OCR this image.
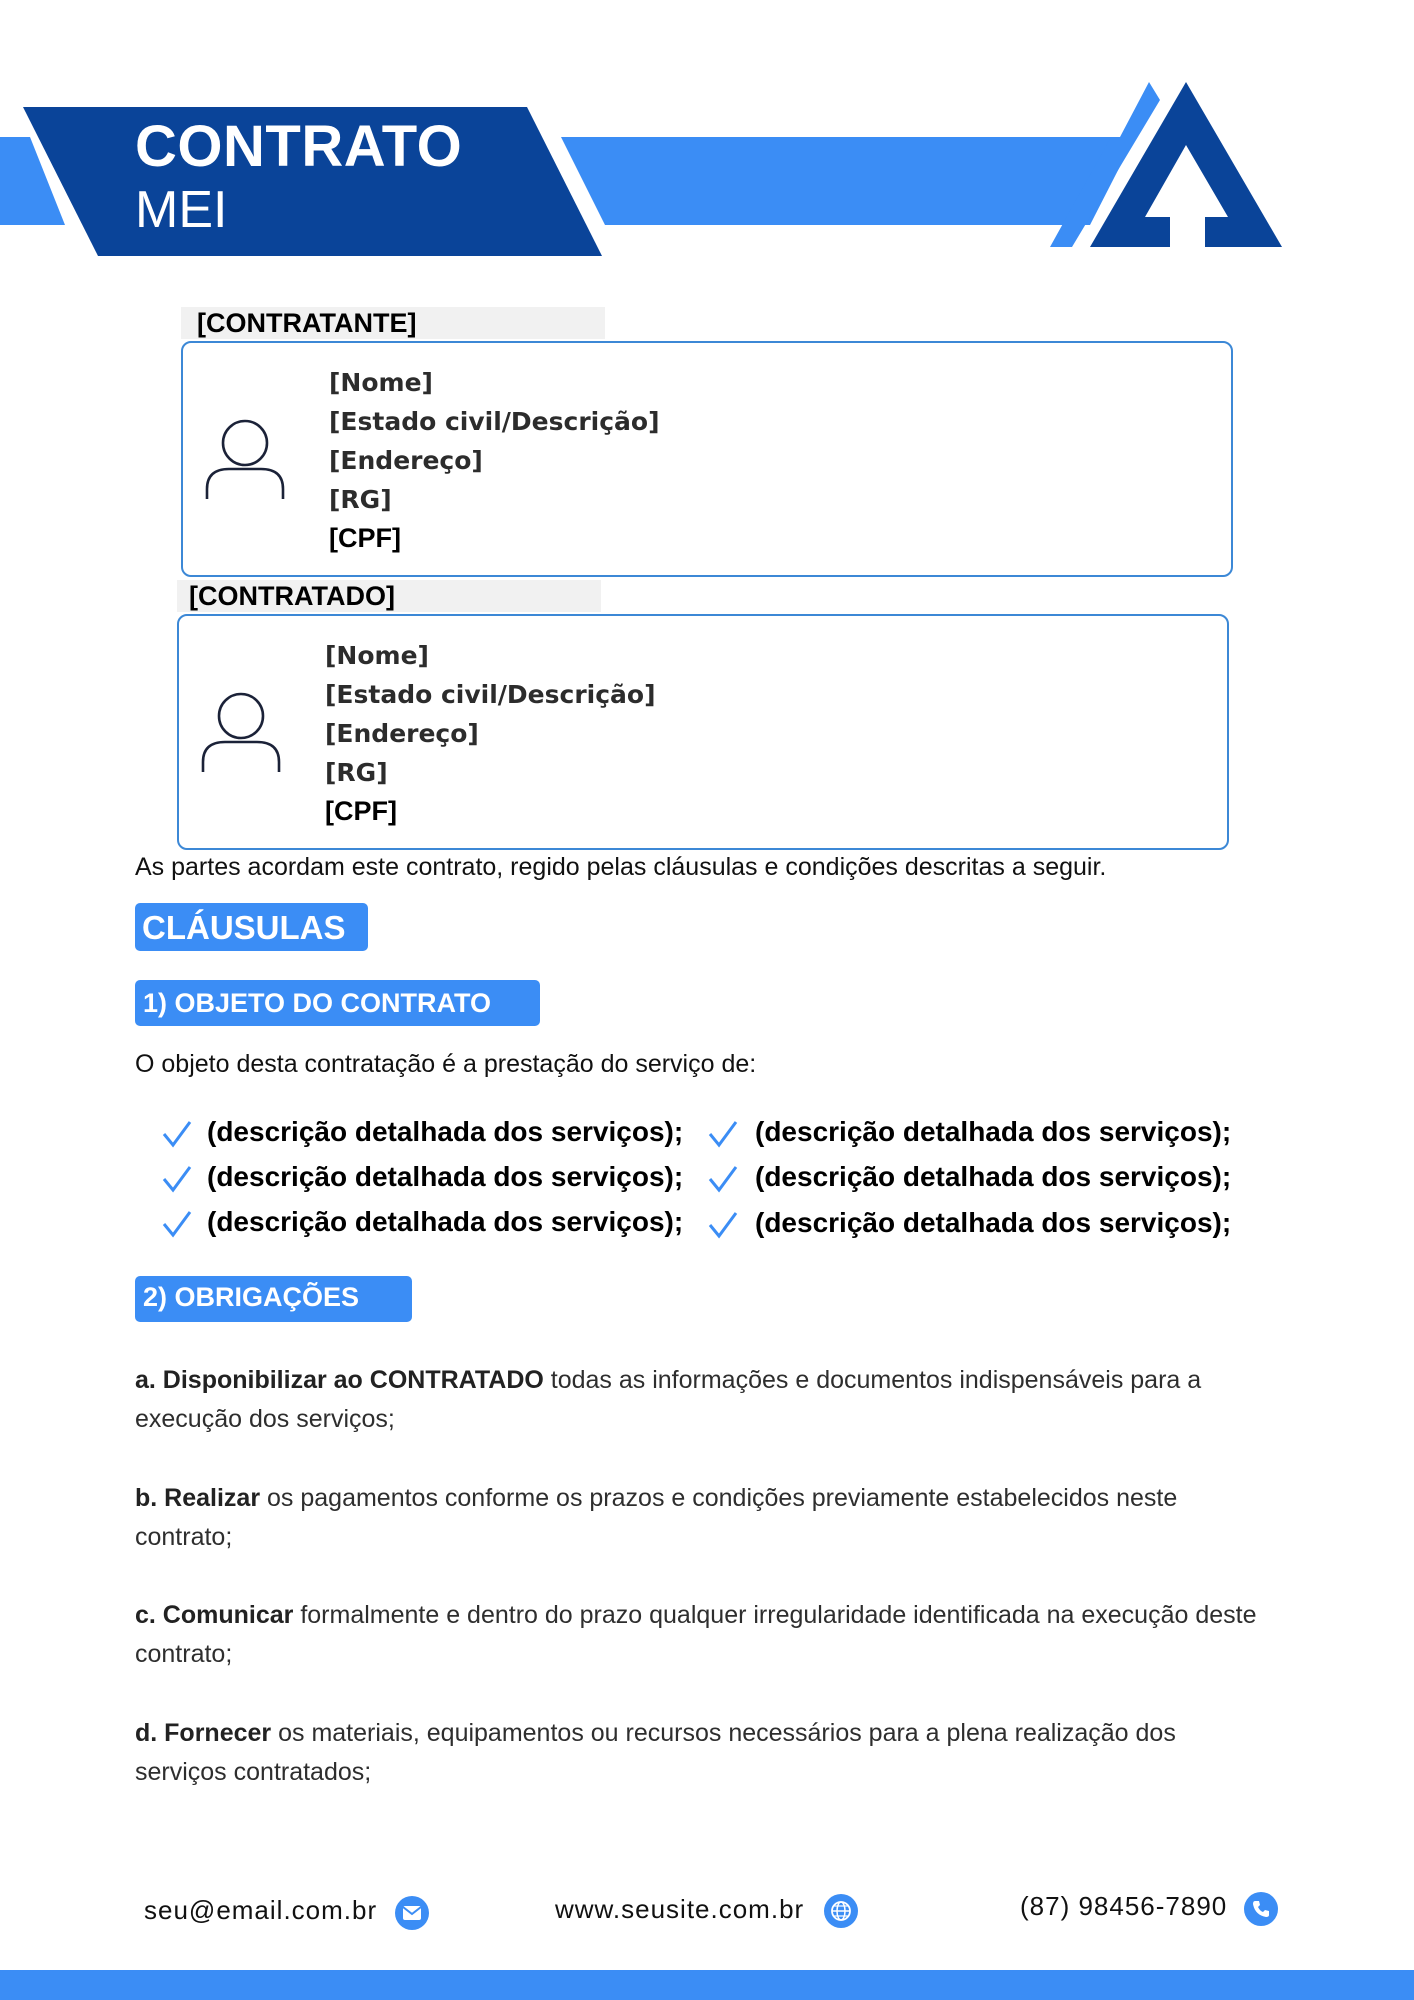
CONTRATO
MEI
[CONTRATANTE]
[Nome]
[Estado civil/Descrição]
[Endereço]
[RG]
[CPF]
[CONTRATADO]
[Nome]
[Estado civil/Descrição]
[Endereço]
[RG]
[CPF]
As partes acordam este contrato, regido pelas cláusulas e condições descritas a seguir.
CLÁUSULAS
1) OBJETO DO CONTRATO
O objeto desta contratação é a prestação do serviço de:
(descrição detalhada dos serviços);
(descrição detalhada dos serviços);
(descrição detalhada dos serviços);
(descrição detalhada dos serviços);
(descrição detalhada dos serviços);
(descrição detalhada dos serviços);
2) OBRIGAÇÕES
a. Disponibilizar ao CONTRATADO todas as informações e documentos indispensáveis para a execução dos serviços;
b. Realizar os pagamentos conforme os prazos e condições previamente estabelecidos neste contrato;
c. Comunicar formalmente e dentro do prazo qualquer irregularidade identificada na execução deste contrato;
d. Fornecer os materiais, equipamentos ou recursos necessários para a plena realização dos serviços contratados;
seu@email.com.br	www.seusite.com.br	(87) 98456-7890
